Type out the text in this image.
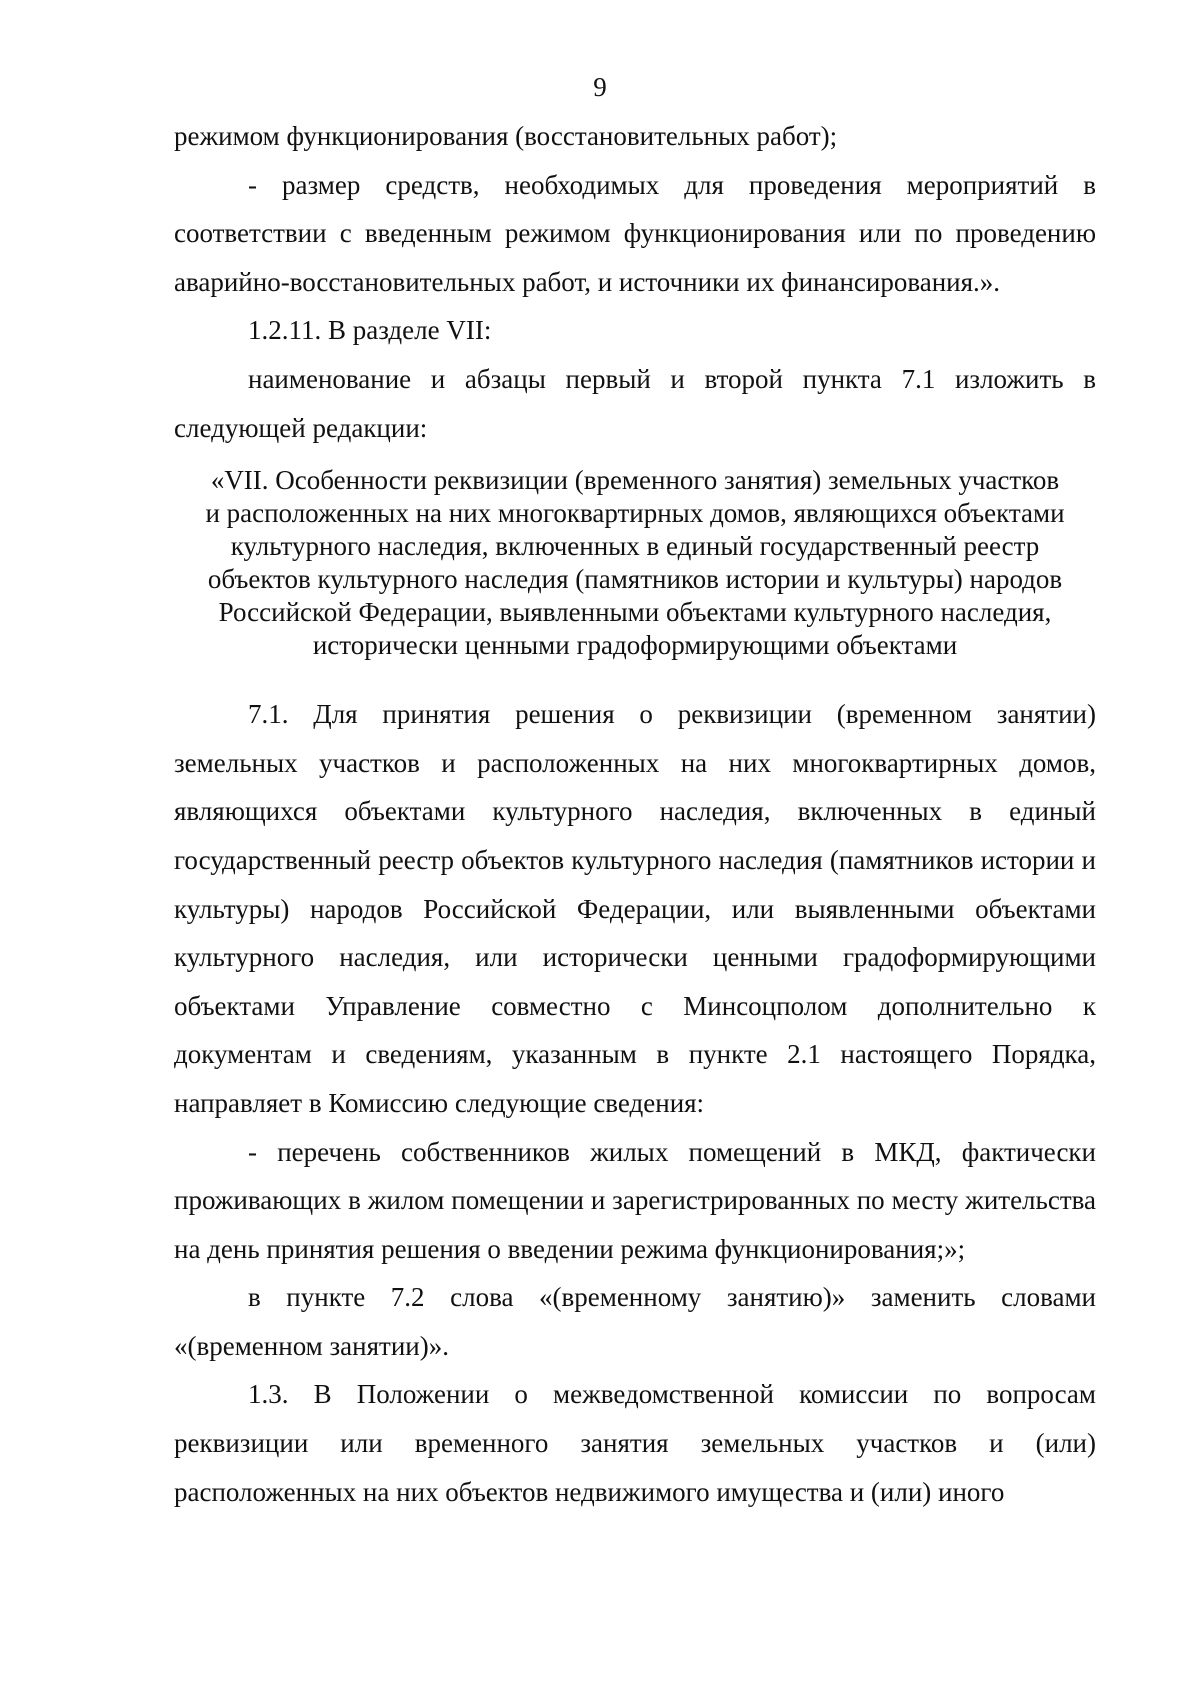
9

режимом функционирования (восстановительных работ);

- размер средств, необходимых для проведения мероприятий в соответствии с введенным режимом функционирования или по проведению аварийно-восстановительных работ, и источники их финансирования.».

1.2.11. В разделе VII:

наименование и абзацы первый и второй пункта 7.1 изложить в следующей редакции:

«VII. Особенности реквизиции (временного занятия) земельных участков
и расположенных на них многоквартирных домов, являющихся объектами
культурного наследия, включенных в единый государственный реестр
объектов культурного наследия (памятников истории и культуры) народов
Российской Федерации, выявленными объектами культурного наследия,
исторически ценными градоформирующими объектами

7.1. Для принятия решения о реквизиции (временном занятии) земельных участков и расположенных на них многоквартирных домов, являющихся объектами культурного наследия, включенных в единый государственный реестр объектов культурного наследия (памятников истории и культуры) народов Российской Федерации, или выявленными объектами культурного наследия, или исторически ценными градоформирующими объектами Управление совместно с Минсоцполом дополнительно к документам и сведениям, указанным в пункте 2.1 настоящего Порядка, направляет в Комиссию следующие сведения:

- перечень собственников жилых помещений в МКД, фактически проживающих в жилом помещении и зарегистрированных по месту жительства на день принятия решения о введении режима функционирования;»;

в пункте 7.2 слова «(временному занятию)» заменить словами «(временном занятии)».

1.3. В Положении о межведомственной комиссии по вопросам реквизиции или временного занятия земельных участков и (или) расположенных на них объектов недвижимого имущества и (или) иного
